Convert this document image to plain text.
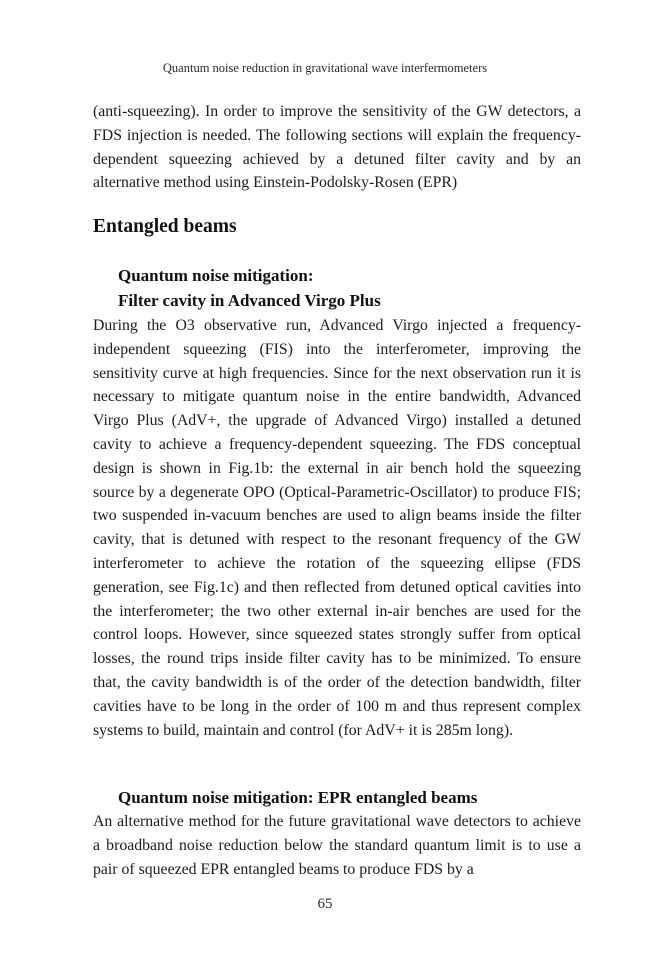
Quantum noise reduction in gravitational wave interfermometers

(anti-squeezing). In order to improve the sensitivity of the GW detectors, a FDS injection is needed. The following sections will explain the frequency-dependent squeezing achieved by a detuned filter cavity and by an alternative method using Einstein-Podolsky-Rosen (EPR)

Entangled beams
Quantum noise mitigation:
Filter cavity in Advanced Virgo Plus

During the O3 observative run, Advanced Virgo injected a frequency-independent squeezing (FIS) into the interferometer, improving the sensitivity curve at high frequencies. Since for the next observation run it is necessary to mitigate quantum noise in the entire bandwidth, Advanced Virgo Plus (AdV+, the upgrade of Advanced Virgo) installed a detuned cavity to achieve a frequency-dependent squeezing. The FDS conceptual design is shown in Fig.1b: the external in air bench hold the squeezing source by a degenerate OPO (Optical-Parametric-Oscillator) to produce FIS; two suspended in-vacuum benches are used to align beams inside the filter cavity, that is detuned with respect to the resonant frequency of the GW interferometer to achieve the rotation of the squeezing ellipse (FDS generation, see Fig.1c) and then reflected from detuned optical cavities into the interferometer; the two other external in-air benches are used for the control loops. However, since squeezed states strongly suffer from optical losses, the round trips inside filter cavity has to be minimized. To ensure that, the cavity bandwidth is of the order of the detection bandwidth, filter cavities have to be long in the order of 100 m and thus represent complex systems to build, maintain and control (for AdV+ it is 285m long).

Quantum noise mitigation: EPR entangled beams

An alternative method for the future gravitational wave detectors to achieve a broadband noise reduction below the standard quantum limit is to use a pair of squeezed EPR entangled beams to produce FDS by a

65
